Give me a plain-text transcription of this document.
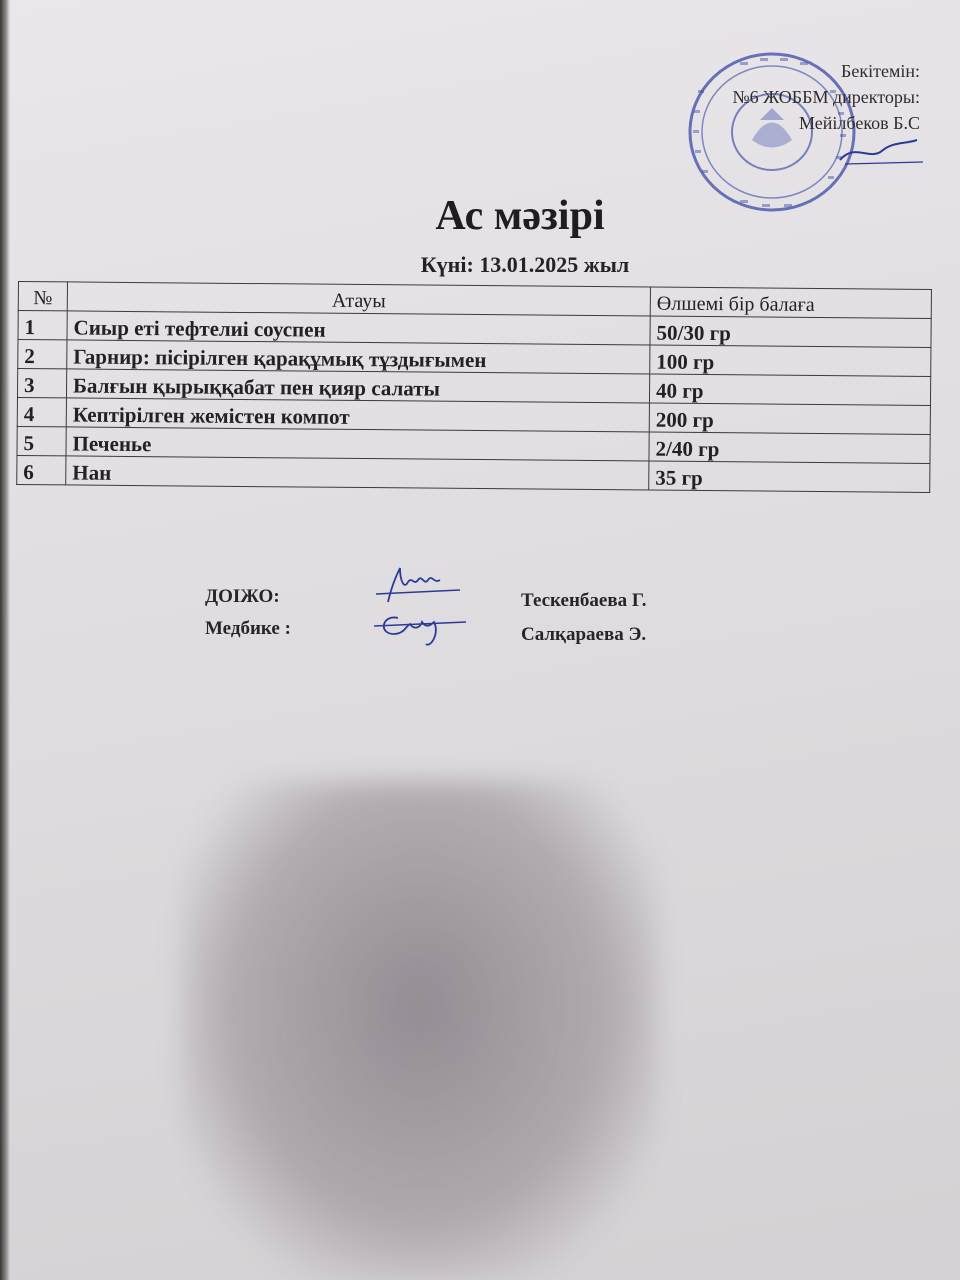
Бекітемін:
№6 ЖОББМ директоры:
Мейілбеков Б.С
Ас мәзірі
Күні: 13.01.2025 жыл
№	Атауы	Өлшемі бір балаға
1	Сиыр еті тефтелиі соуспен	50/30 гр
2	Гарнир: пісірілген қарақұмық тұздығымен	100 гр
3	Балғын қырыққабат пен қияр салаты	40 гр
4	Кептірілген жемістен компот	200 гр
5	Печенье	2/40 гр
6	Нан	35 гр
ДОІЖО:	Тескенбаева Г.
Медбике :	Салқараева Э.
